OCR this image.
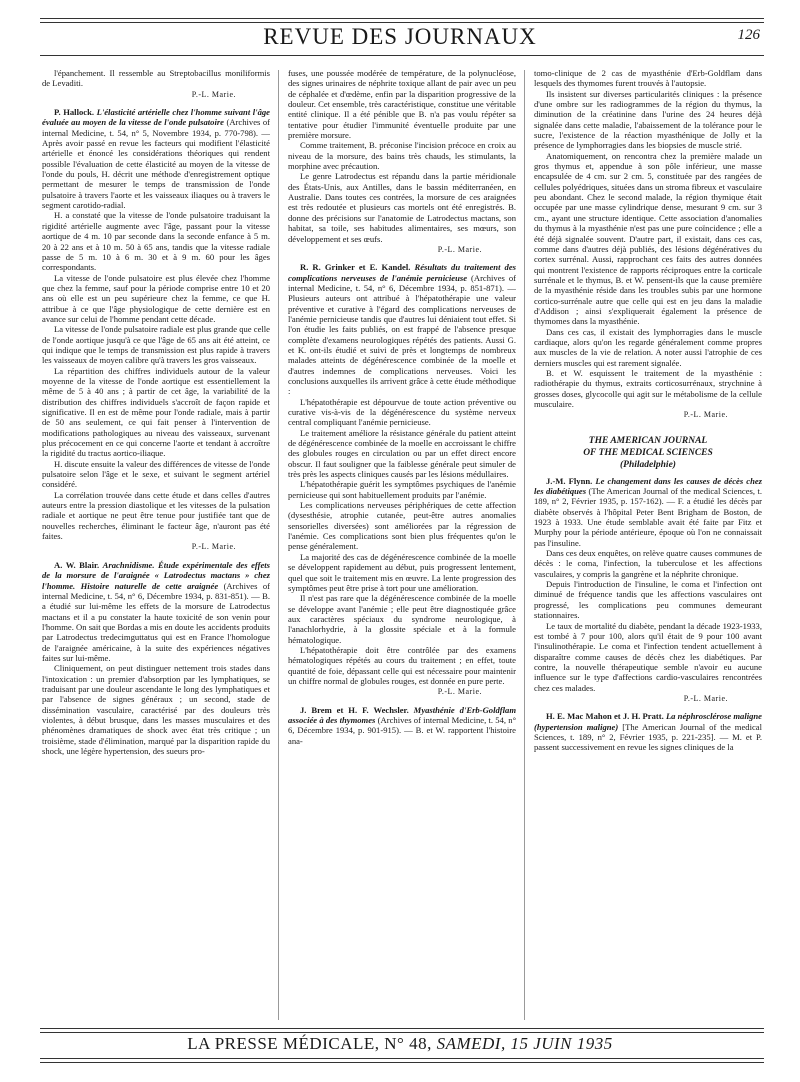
REVUE DES JOURNAUX	126

l'épanchement. Il ressemble au Streptobacillus moniliformis de Levaditi.

P.-L. Marie.

P. Hallock. L'élasticité artérielle chez l'homme suivant l'âge évaluée au moyen de la vitesse de l'onde pulsatoire (Archives of internal Medicine, t. 54, n° 5, Novembre 1934, p. 770-798). — Après avoir passé en revue les facteurs qui modifient l'élasticité artérielle et énoncé les considérations théoriques qui rendent possible l'évaluation de cette élasticité au moyen de la vitesse de l'onde du pouls, H. décrit une méthode d'enregistrement optique permettant de mesurer le temps de transmission de l'onde pulsatoire à travers l'aorte et les vaisseaux iliaques ou à travers le segment carotido-radial.

H. a constaté que la vitesse de l'onde pulsatoire traduisant la rigidité artérielle augmente avec l'âge, passant pour la vitesse aortique de 4 m. 10 par seconde dans la seconde enfance à 5 m. 20 à 22 ans et à 10 m. 50 à 65 ans, tandis que la vitesse radiale passe de 5 m. 10 à 6 m. 30 et à 9 m. 60 pour les âges correspondants.

La vitesse de l'onde pulsatoire est plus élevée chez l'homme que chez la femme, sauf pour la période comprise entre 10 et 20 ans où elle est un peu supérieure chez la femme, ce que H. attribue à ce que l'âge physiologique de cette dernière est en avance sur celui de l'homme pendant cette décade.

La vitesse de l'onde pulsatoire radiale est plus grande que celle de l'onde aortique jusqu'à ce que l'âge de 65 ans ait été atteint, ce qui indique que le temps de transmission est plus rapide à travers les vaisseaux de moyen calibre qu'à travers les gros vaisseaux.

La répartition des chiffres individuels autour de la valeur moyenne de la vitesse de l'onde aortique est essentiellement la même de 5 à 40 ans ; à partir de cet âge, la variabilité de la distribution des chiffres individuels s'accroît de façon rapide et significative. Il en est de même pour l'onde radiale, mais à partir de 50 ans seulement, ce qui fait penser à l'intervention de modifications pathologiques au niveau des vaisseaux, survenant plus précocement en ce qui concerne l'aorte et tendant à accroître la rigidité du tractus aortico-iliaque.

H. discute ensuite la valeur des différences de vitesse de l'onde pulsatoire selon l'âge et le sexe, et suivant le segment artériel considéré.

La corrélation trouvée dans cette étude et dans celles d'autres auteurs entre la pression diastolique et les vitesses de la pulsation radiale et aortique ne peut être tenue pour justifiée tant que de nouvelles recherches, éliminant le facteur âge, n'auront pas été faites.

P.-L. Marie.

A. W. Blair. Arachnidisme. Étude expérimentale des effets de la morsure de l'araignée « Latrodectus mactans » chez l'homme. Histoire naturelle de cette araignée (Archives of internal Medicine, t. 54, n° 6, Décembre 1934, p. 831-851). — B. a étudié sur lui-même les effets de la morsure de Latrodectus mactans et il a pu constater la haute toxicité de son venin pour l'homme. On sait que Bordas a mis en doute les accidents produits par Latrodectus tredecimguttatus qui est en France l'homologue de l'araignée américaine, à la suite des expériences négatives faites sur lui-même.

Cliniquement, on peut distinguer nettement trois stades dans l'intoxication : un premier d'absorption par les lymphatiques, se traduisant par une douleur ascendante le long des lymphatiques et par l'absence de signes généraux ; un second, stade de dissémination vasculaire, caractérisé par des douleurs très violentes, à début brusque, dans les masses musculaires et des phénomènes dramatiques de shock avec état très critique ; un troisième, stade d'élimination, marqué par la disparition rapide du shock, une légère hypertension, des sueurs pro-

fuses, une poussée modérée de température, de la polynucléose, des signes urinaires de néphrite toxique allant de pair avec un peu de céphalée et d'œdème, enfin par la disparition progressive de la douleur. Cet ensemble, très caractéristique, constitue une véritable entité clinique. Il a été pénible que B. n'a pas voulu répéter sa tentative pour étudier l'immunité éventuelle produite par une première morsure.

Comme traitement, B. préconise l'incision précoce en croix au niveau de la morsure, des bains très chauds, les stimulants, la morphine avec précaution.

Le genre Latrodectus est répandu dans la partie méridionale des États-Unis, aux Antilles, dans le bassin méditerranéen, en Australie. Dans toutes ces contrées, la morsure de ces araignées est très redoutée et plusieurs cas mortels ont été enregistrés. B. donne des précisions sur l'anatomie de Latrodectus mactans, son habitat, sa toile, ses habitudes alimentaires, ses mœurs, son développement et ses œufs.

P.-L. Marie.

R. R. Grinker et E. Kandel. Résultats du traitement des complications nerveuses de l'anémie pernicieuse (Archives of internal Medicine, t. 54, n° 6, Décembre 1934, p. 851-871). — Plusieurs auteurs ont attribué à l'hépatothérapie une valeur préventive et curative à l'égard des complications nerveuses de l'anémie pernicieuse tandis que d'autres lui déniaient tout effet. Si l'on étudie les faits publiés, on est frappé de l'absence presque complète d'examens neurologiques répétés des patients. Aussi G. et K. ont-ils étudié et suivi de près et longtemps de nombreux malades atteints de dégénérescence combinée de la moelle et d'autres indemnes de complications nerveuses. Voici les conclusions auxquelles ils arrivent grâce à cette étude méthodique :

L'hépatothérapie est dépourvue de toute action préventive ou curative vis-à-vis de la dégénérescence du système nerveux central compliquant l'anémie pernicieuse.

Le traitement améliore la résistance générale du patient atteint de dégénérescence combinée de la moelle en accroissant le chiffre des globules rouges en circulation ou par un effet direct encore obscur. Il faut souligner que la faiblesse générale peut simuler de très près les aspects cliniques causés par les lésions médullaires.

L'hépatothérapie guérit les symptômes psychiques de l'anémie pernicieuse qui sont habituellement produits par l'anémie.

Les complications nerveuses périphériques de cette affection (dysesthésie, atrophie cutanée, peut-être autres anomalies sensorielles diversées) sont améliorées par la régression de l'anémie. Ces complications sont bien plus fréquentes qu'on le pense généralement.

La majorité des cas de dégénérescence combinée de la moelle se développent rapidement au début, puis progressent lentement, quel que soit le traitement mis en œuvre. La lente progression des symptômes peut être prise à tort pour une amélioration.

Il n'est pas rare que la dégénérescence combinée de la moelle se développe avant l'anémie ; elle peut être diagnostiquée grâce aux caractères spéciaux du syndrome neurologique, à l'anachlorhydrie, à la glossite spéciale et à la formule hématologique.

L'hépatothérapie doit être contrôlée par des examens hématologiques répétés au cours du traitement ; en effet, toute quantité de foie, dépassant celle qui est nécessaire pour maintenir un chiffre normal de globules rouges, est donnée en pure perte.

P.-L. Marie.

J. Brem et H. F. Wechsler. Myasthénie d'Erb-Goldflam associée à des thymomes (Archives of internal Medicine, t. 54, n° 6, Décembre 1934, p. 901-915). — B. et W. rapportent l'histoire ana-

tomo-clinique de 2 cas de myasthénie d'Erb-Goldflam dans lesquels des thymomes furent trouvés à l'autopsie.

Ils insistent sur diverses particularités cliniques : la présence d'une ombre sur les radiogrammes de la région du thymus, la diminution de la créatinine dans l'urine des 24 heures déjà signalée dans cette maladie, l'abaissement de la tolérance pour le sucre, l'existence de la réaction myasthénique de Jolly et la présence de lymphorragies dans les biopsies de muscle strié.

Anatomiquement, on rencontra chez la première malade un gros thymus et, appendue à son pôle inférieur, une masse encapsulée de 4 cm. sur 2 cm. 5, constituée par des rangées de cellules polyédriques, situées dans un stroma fibreux et vasculaire peu abondant. Chez le second malade, la région thymique était occupée par une masse cylindrique dense, mesurant 9 cm. sur 3 cm., ayant une structure identique. Cette association d'anomalies du thymus à la myasthénie n'est pas une pure coïncidence ; elle a été déjà signalée souvent. D'autre part, il existait, dans ces cas, comme dans d'autres déjà publiés, des lésions dégénératives du cortex surrénal. Aussi, rapprochant ces faits des autres données qui montrent l'existence de rapports réciproques entre la corticale surrénale et le thymus, B. et W. pensent-ils que la cause première de la myasthénie réside dans les troubles subis par une hormone cortico-surrénale autre que celle qui est en jeu dans la maladie d'Addison ; ainsi s'expliquerait également la présence de thymomes dans la myasthénie.

Dans ces cas, il existait des lymphorragies dans le muscle cardiaque, alors qu'on les regarde généralement comme propres aux muscles de la vie de relation. A noter aussi l'atrophie de ces derniers muscles qui est rarement signalée.

B. et W. esquissent le traitement de la myasthénie : radiothérapie du thymus, extraits corticosurrénaux, strychnine à grosses doses, glycocolle qui agit sur le métabolisme de la cellule musculaire.

P.-L. Marie.
THE AMERICAN JOURNAL
OF THE MEDICAL SCIENCES
(Philadelphie)

J.-M. Flynn. Le changement dans les causes de décès chez les diabétiques (The American Journal of the medical Sciences, t. 189, n° 2, Février 1935, p. 157-162). — F. a étudié les décès par diabète observés à l'hôpital Peter Bent Brigham de Boston, de 1923 à 1933. Une étude semblable avait été faite par Fitz et Murphy pour la période antérieure, époque où l'on ne connaissait pas l'insuline.

Dans ces deux enquêtes, on relève quatre causes communes de décès : le coma, l'infection, la tuberculose et les affections vasculaires, y compris la gangrène et la néphrite chronique.

Depuis l'introduction de l'insuline, le coma et l'infection ont diminué de fréquence tandis que les affections vasculaires ont progressé, les complications peu communes demeurant stationnaires.

Le taux de mortalité du diabète, pendant la décade 1923-1933, est tombé à 7 pour 100, alors qu'il était de 9 pour 100 avant l'insulinothérapie. Le coma et l'infection tendent actuellement à disparaître comme causes de décès chez les diabétiques. Par contre, la nouvelle thérapeutique semble n'avoir eu aucune influence sur le type d'affections cardio-vasculaires rencontrées chez ces malades.

P.-L. Marie.

H. E. Mac Mahon et J. H. Pratt. La néphrosclérose maligne (hypertension maligne) [The American Journal of the medical Sciences, t. 189, n° 2, Février 1935, p. 221-235]. — M. et P. passent successivement en revue les signes cliniques de la

LA PRESSE MÉDICALE, N° 48, SAMEDI, 15 JUIN 1935
